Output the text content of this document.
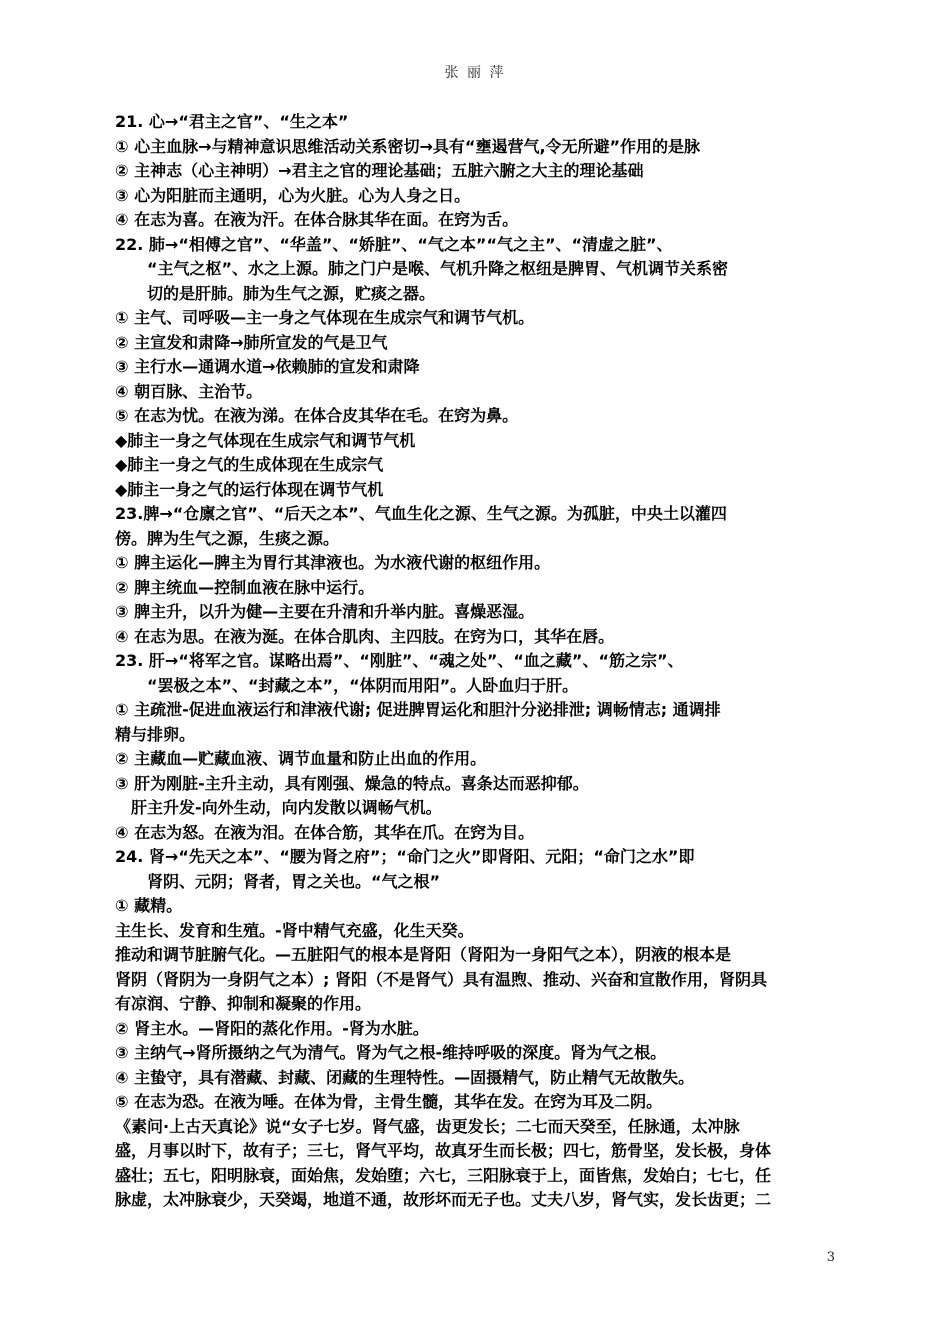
张 丽 萍
21. 心→“君主之官”、“生之本”
① 心主血脉→与精神意识思维活动关系密切→具有“壅遏营气,令无所避”作用的是脉
② 主神志（心主神明）→君主之官的理论基础；五脏六腑之大主的理论基础
③ 心为阳脏而主通明，心为火脏。心为人身之日。
④ 在志为喜。在液为汗。在体合脉其华在面。在窍为舌。
22. 肺→“相傅之官”、“华盖”、“娇脏”、“气之本”“气之主”、“清虚之脏”、
“主气之枢”、水之上源。肺之门户是喉、气机升降之枢纽是脾胃、气机调节关系密
切的是肝肺。肺为生气之源，贮痰之器。
① 主气、司呼吸—主一身之气体现在生成宗气和调节气机。
② 主宣发和肃降→肺所宣发的气是卫气
③ 主行水—通调水道→依赖肺的宣发和肃降
④ 朝百脉、主治节。
⑤ 在志为忧。在液为涕。在体合皮其华在毛。在窍为鼻。
◆肺主一身之气体现在生成宗气和调节气机
◆肺主一身之气的生成体现在生成宗气
◆肺主一身之气的运行体现在调节气机
23.脾→“仓廪之官”、“后天之本”、气血生化之源、生气之源。为孤脏，中央土以灌四
傍。脾为生气之源，生痰之源。
① 脾主运化—脾主为胃行其津液也。为水液代谢的枢纽作用。
② 脾主统血—控制血液在脉中运行。
③ 脾主升，以升为健—主要在升清和升举内脏。喜燥恶湿。
④ 在志为思。在液为涎。在体合肌肉、主四肢。在窍为口，其华在唇。
23. 肝→“将军之官。谋略出焉”、“刚脏”、“魂之处”、“血之藏”、“筋之宗”、
“罢极之本”、“封藏之本”，“体阴而用阳”。人卧血归于肝。
① 主疏泄-促进血液运行和津液代谢; 促进脾胃运化和胆汁分泌排泄; 调畅情志; 通调排
精与排卵。
② 主藏血—贮藏血液、调节血量和防止出血的作用。
③ 肝为刚脏-主升主动，具有刚强、燥急的特点。喜条达而恶抑郁。
肝主升发-向外生动，向内发散以调畅气机。
④ 在志为怒。在液为泪。在体合筋，其华在爪。在窍为目。
24. 肾→“先天之本”、“腰为肾之府”；“命门之火”即肾阳、元阳；“命门之水”即
肾阴、元阴；肾者，胃之关也。“气之根”
① 藏精。
主生长、发育和生殖。-肾中精气充盛，化生天癸。
推动和调节脏腑气化。—五脏阳气的根本是肾阳（肾阳为一身阳气之本），阴液的根本是
肾阴（肾阴为一身阴气之本）; 肾阳（不是肾气）具有温煦、推动、兴奋和宣散作用，肾阴具
有凉润、宁静、抑制和凝聚的作用。
② 肾主水。—肾阳的蒸化作用。-肾为水脏。
③ 主纳气→肾所摄纳之气为清气。肾为气之根-维持呼吸的深度。肾为气之根。
④ 主蛰守，具有潜藏、封藏、闭藏的生理特性。—固摄精气，防止精气无故散失。
⑤ 在志为恐。在液为唾。在体为骨，主骨生髓，其华在发。在窍为耳及二阴。
《素问·上古天真论》说“女子七岁。肾气盛，齿更发长；二七而天癸至，任脉通，太冲脉
盛，月事以时下，故有子；三七，肾气平均，故真牙生而长极；四七，筋骨坚，发长极，身体
盛壮；五七，阳明脉衰，面始焦，发始堕；六七，三阳脉衰于上，面皆焦，发始白；七七，任
脉虚，太冲脉衰少，天癸竭，地道不通，故形坏而无子也。丈夫八岁，肾气实，发长齿更；二
3
